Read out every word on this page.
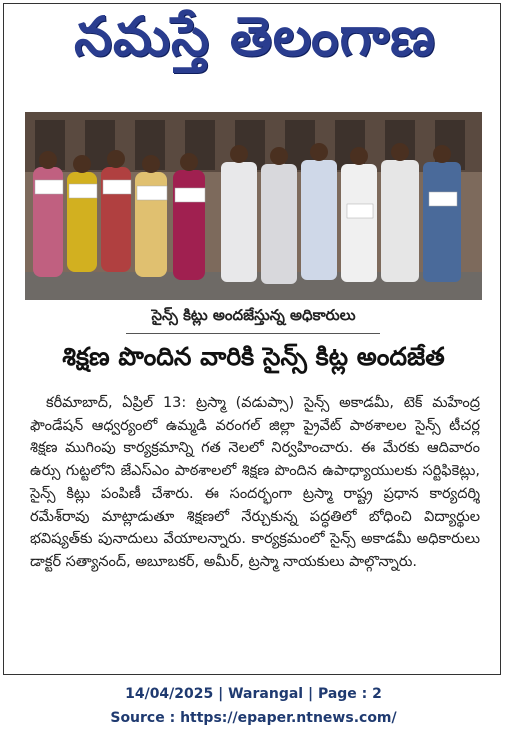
నమస్తే తెలంగాణ
సైన్స్ కిట్లు అందజేస్తున్న అధికారులు
శిక్షణ పొందిన వారికి సైన్స్ కిట్ల అందజేత

కరీమాబాద్, ఏప్రిల్ 13: ట్రస్మా (వడుప్సా) సైన్స్ అకాడమీ, టెక్ మహేంద్ర ఫౌండేషన్ ఆధ్వర్యంలో ఉమ్మడి వరంగల్ జిల్లా ప్రైవేట్ పాఠశాలల సైన్స్ టీచర్ల శిక్షణ ముగింపు కార్యక్రమాన్ని గత నెలలో నిర్వహించారు. ఈ మేరకు ఆదివారం ఉర్సు గుట్టలోని జేఎస్ఎం పాఠశాలలో శిక్షణ పొందిన ఉపాధ్యాయులకు సర్టిఫికెట్లు, సైన్స్ కిట్లు పంపిణీ చేశారు. ఈ సందర్భంగా ట్రస్మా రాష్ట్ర ప్రధాన కార్యదర్శి రమేశ్‌రావు మాట్లాడుతూ శిక్షణలో నేర్చుకున్న పద్ధతిలో బోధించి విద్యార్థుల భవిష్యత్‌కు పునాదులు వేయాలన్నారు. కార్యక్రమంలో సైన్స్ అకాడమీ అధికారులు డాక్టర్ సత్యానంద్, అబూబకర్, అమీర్, ట్రస్మా నాయకులు పాల్గొన్నారు.

14/04/2025 | Warangal | Page : 2
Source : https://epaper.ntnews.com/
